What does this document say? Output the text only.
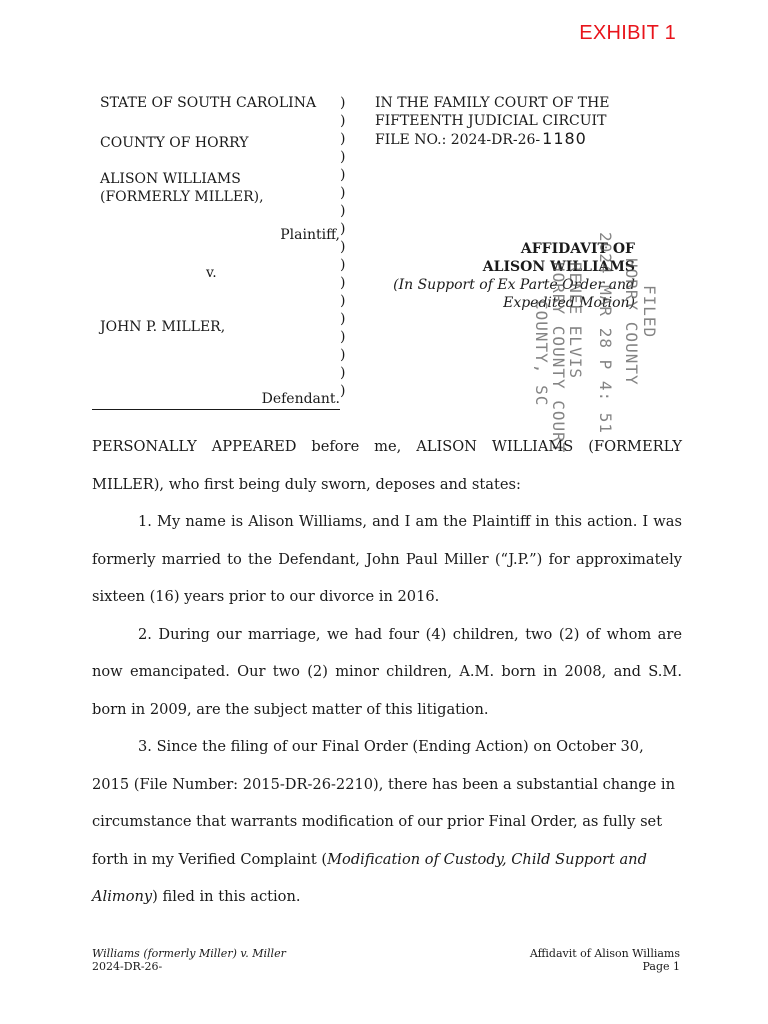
EXHIBIT 1
STATE OF SOUTH CAROLINA
COUNTY OF HORRY
ALISON WILLIAMS
(FORMERLY MILLER),
Plaintiff,
v.
JOHN P. MILLER,
Defendant.
)
)
)
)
)
)
)
)
)
)
)
)
)
)
)
)
)
IN THE FAMILY COURT OF THE
FIFTEENTH JUDICIAL CIRCUIT
FILE NO.: 2024-DR-26- 1180
AFFIDAVIT OF
ALISON WILLIAMS
(In Support of Ex Parte Order and
Expedited Motion) FILED
HORRY COUNTY
2024 MAR 28 P 4: 51
RENEE ELVIS
HORRY COUNTY COURT
COUNTY, SC

PERSONALLY APPEARED before me, ALISON WILLIAMS (FORMERLY MILLER), who first being duly sworn, deposes and states:

1. My name is Alison Williams, and I am the Plaintiff in this action. I was formerly married to the Defendant, John Paul Miller (“J.P.”) for approximately sixteen (16) years prior to our divorce in 2016.

2. During our marriage, we had four (4) children, two (2) of whom are now emancipated. Our two (2) minor children, A.M. born in 2008, and S.M. born in 2009, are the subject matter of this litigation.

3. Since the filing of our Final Order (Ending Action) on October 30, 2015 (File Number: 2015-DR-26-2210), there has been a substantial change in circumstance that warrants modification of our prior Final Order, as fully set forth in my Verified Complaint (Modification of Custody, Child Support and Alimony) filed in this action.

Williams (formerly Miller) v. Miller
2024-DR-26-
Affidavit of Alison Williams
Page 1
